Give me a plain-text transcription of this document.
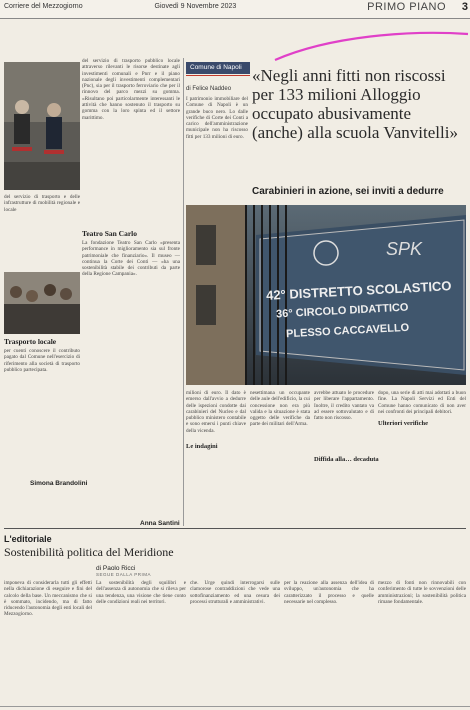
Corriere del Mezzogiorno	Giovedì 9 Novembre 2023	PRIMO PIANO 3
del servizio di trasporto pubblico locale attraverso rilevanti le risorse destinate agli investimenti comunali e Pnrr e il piano nazionale degli investimenti complementari (Pnc), sia per il trasporto ferroviario che per il rinnovo del parco mezzi su gomma. «Risultano poi particolarmente interessanti le attività che hanno sostenuto il trasporto su gomma con la loro spinta ed il settore marittimo.
del servizio di trasporto e delle infrastrutture di mobilità regionale e locale
Teatro San Carlo
La fondazione Teatro San Carlo «presenta performance in miglioramento sia sul fronte patrimoniale che finanziario». Il museo — continua la Corte dei Conti — «ha una sostenibilità stabile dei contributi da parte della Regione Campania».
Trasporto locale
per cuenti conoscere il contributo pagato dal Comune nell'esercizio di riferimento alla società di trasporto pubblico partecipata.
Simona Brandolini
Anna Santini
Comune di Napoli
di Felice Naddeo
I patrimonio immobiliare del Comune di Napoli è un grande buco nero. Lo dalle verifiche di Corte dei Conti a carico dell'amministrazione municipale non ha riscosso fitti per 133 milioni di euro.
«Negli anni fitti non riscossi per 133 milioni Alloggio occupato abusivamente (anche) alla scuola Vanvitelli»
Carabinieri in azione, sei inviti a dedurre
SPK
42° DISTRETTO SCOLASTICO
36° CIRCOLO DIDATTICO
PLESSO CACCAVELLO
milioni di euro. Il dato è emerso dall'avvio a dedurre delle ispezioni condotte dai carabinieri del Nucleo e dal pubblico ministero contabile e sono emersi i punti chiave della vicenda.
Le indagini
nesettimana un occupante delle aule dell'edificio, la cui concessione non era più valida e la situazione è stata oggetto delle verifiche da parte dei militari dell'Arma.
avrebbe attuato le procedure per liberare l'appartamento. Inoltre, il credito vantato va ad essere sottovalutato e di fatto non riscosso.
Diffida alla… decaduta
dopo, una serie di atti mai adottati a buon fine. La Napoli Servizi ed Enti del Comune hanno comunicato di non aver nei confronti dei principali debitori.
Ulteriori verifiche
L'editoriale
Sostenibilità politica del Meridione
SEGUE DALLA PRIMA
di Paolo Ricci
imponeva di considerarla tutti gli effetti nella dichiarazione di eseguire e fini del calcolo della base. Un meccanismo che si è sommato, incidendo, ma di fatto riducendo l'autonomia degli enti locali del Mezzogiorno.
La sostenibilità degli squilibri e dell'assenza di autonomia che si rileva per una tendenza, una visione che tiene conto delle condizioni reali nei territori.
che. Urge quindi interrogarsi sulle clamorose contraddizioni che vede una sottofinanziamento ed una cesura dei processi strutturali e amministrativi.
per la reazione alla assenza dell'idea di sviluppo, un'autonomia che ha caratterizzato il processo e quelle necessarie nel complesso.
mezzo di fonti non rinnovabili con conferimento di tutte le sovvenzioni delle amministrazioni; la sostenibilità politica rimane fondamentale.
